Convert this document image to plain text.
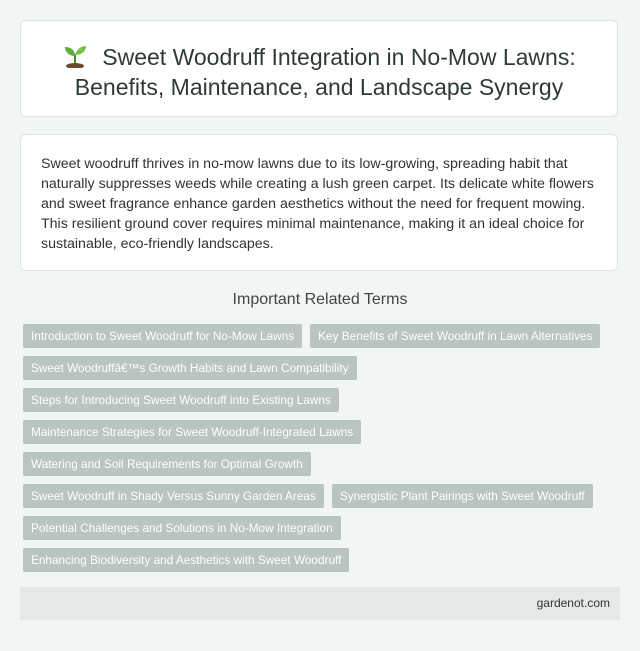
Sweet Woodruff Integration in No-Mow Lawns:
Benefits, Maintenance, and Landscape Synergy

Sweet woodruff thrives in no-mow lawns due to its low-growing, spreading habit that naturally suppresses weeds while creating a lush green carpet. Its delicate white flowers and sweet fragrance enhance garden aesthetics without the need for frequent mowing. This resilient ground cover requires minimal maintenance, making it an ideal choice for sustainable, eco-friendly landscapes.

Important Related Terms
Introduction to Sweet Woodruff for No-Mow Lawns	Key Benefits of Sweet Woodruff in Lawn Alternatives
Sweet Woodruffâ€™s Growth Habits and Lawn Compatibility
Steps for Introducing Sweet Woodruff into Existing Lawns
Maintenance Strategies for Sweet Woodruff-Integrated Lawns
Watering and Soil Requirements for Optimal Growth
Sweet Woodruff in Shady Versus Sunny Garden Areas	Synergistic Plant Pairings with Sweet Woodruff
Potential Challenges and Solutions in No-Mow Integration
Enhancing Biodiversity and Aesthetics with Sweet Woodruff
gardenot.com
